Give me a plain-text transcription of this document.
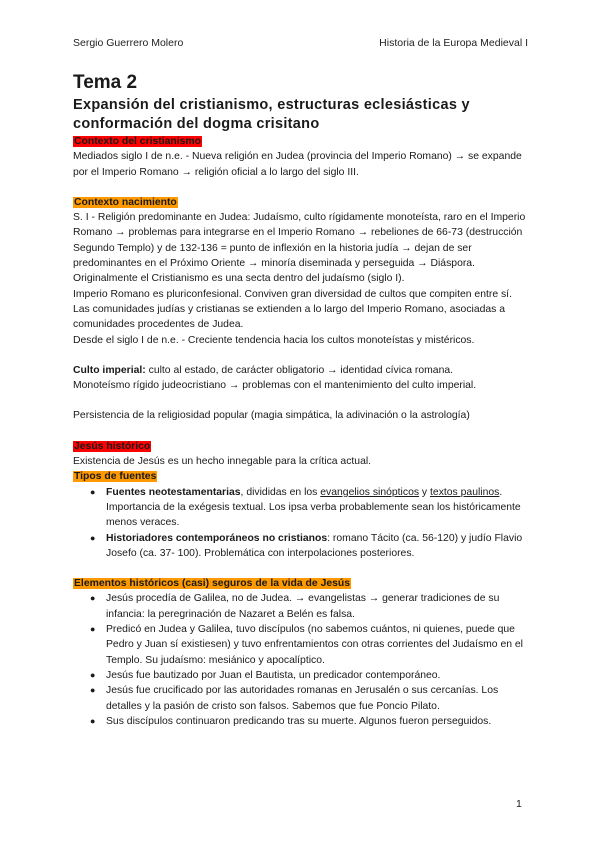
Sergio Guerrero Molero	Historia de la Europa Medieval I
Tema 2
Expansión del cristianismo, estructuras eclesiásticas y conformación del dogma crisitano

Contexto del cristianismo

Mediados siglo I de n.e. - Nueva religión en Judea (provincia del Imperio Romano) → se expande por el Imperio Romano → religión oficial a lo largo del siglo III.

Contexto nacimiento

S. I - Religión predominante en Judea: Judaísmo, culto rígidamente monoteísta, raro en el Imperio Romano → problemas para integrarse en el Imperio Romano → rebeliones de 66-73 (destrucción Segundo Templo) y de 132-136 = punto de inflexión en la historia judía → dejan de ser predominantes en el Próximo Oriente → minoría diseminada y perseguida → Diáspora.

Originalmente el Cristianismo es una secta dentro del judaísmo (siglo I).

Imperio Romano es pluriconfesional. Conviven gran diversidad de cultos que compiten entre sí. Las comunidades judías y cristianas se extienden a lo largo del Imperio Romano, asociadas a comunidades procedentes de Judea.

Desde el siglo I de n.e. - Creciente tendencia hacia los cultos monoteístas y mistéricos.

Culto imperial: culto al estado, de carácter obligatorio → identidad cívica romana.

Monoteísmo rígido judeocristiano → problemas con el mantenimiento del culto imperial.

Persistencia de la religiosidad popular (magia simpática, la adivinación o la astrología)

Jesús histórico

Existencia de Jesús es un hecho innegable para la crítica actual.

Tipos de fuentes

● Fuentes neotestamentarias, divididas en los evangelios sinópticos y textos paulinos. Importancia de la exégesis textual. Los ipsa verba probablemente sean los históricamente menos veraces.
● Historiadores contemporáneos no cristianos: romano Tácito (ca. 56-120) y judío Flavio Josefo (ca. 37- 100). Problemática con interpolaciones posteriores.

Elementos históricos (casi) seguros de la vida de Jesús

● Jesús procedía de Galilea, no de Judea. → evangelistas → generar tradiciones de su infancia: la peregrinación de Nazaret a Belén es falsa.
● Predicó en Judea y Galilea, tuvo discípulos (no sabemos cuántos, ni quienes, puede que Pedro y Juan sí existiesen) y tuvo enfrentamientos con otras corrientes del Judaísmo en el Templo. Su judaísmo: mesiánico y apocalíptico.
● Jesús fue bautizado por Juan el Bautista, un predicador contemporáneo.
● Jesús fue crucificado por las autoridades romanas en Jerusalén o sus cercanías. Los detalles y la pasión de cristo son falsos. Sabemos que fue Poncio Pilato.
● Sus discípulos continuaron predicando tras su muerte. Algunos fueron perseguidos.
1
